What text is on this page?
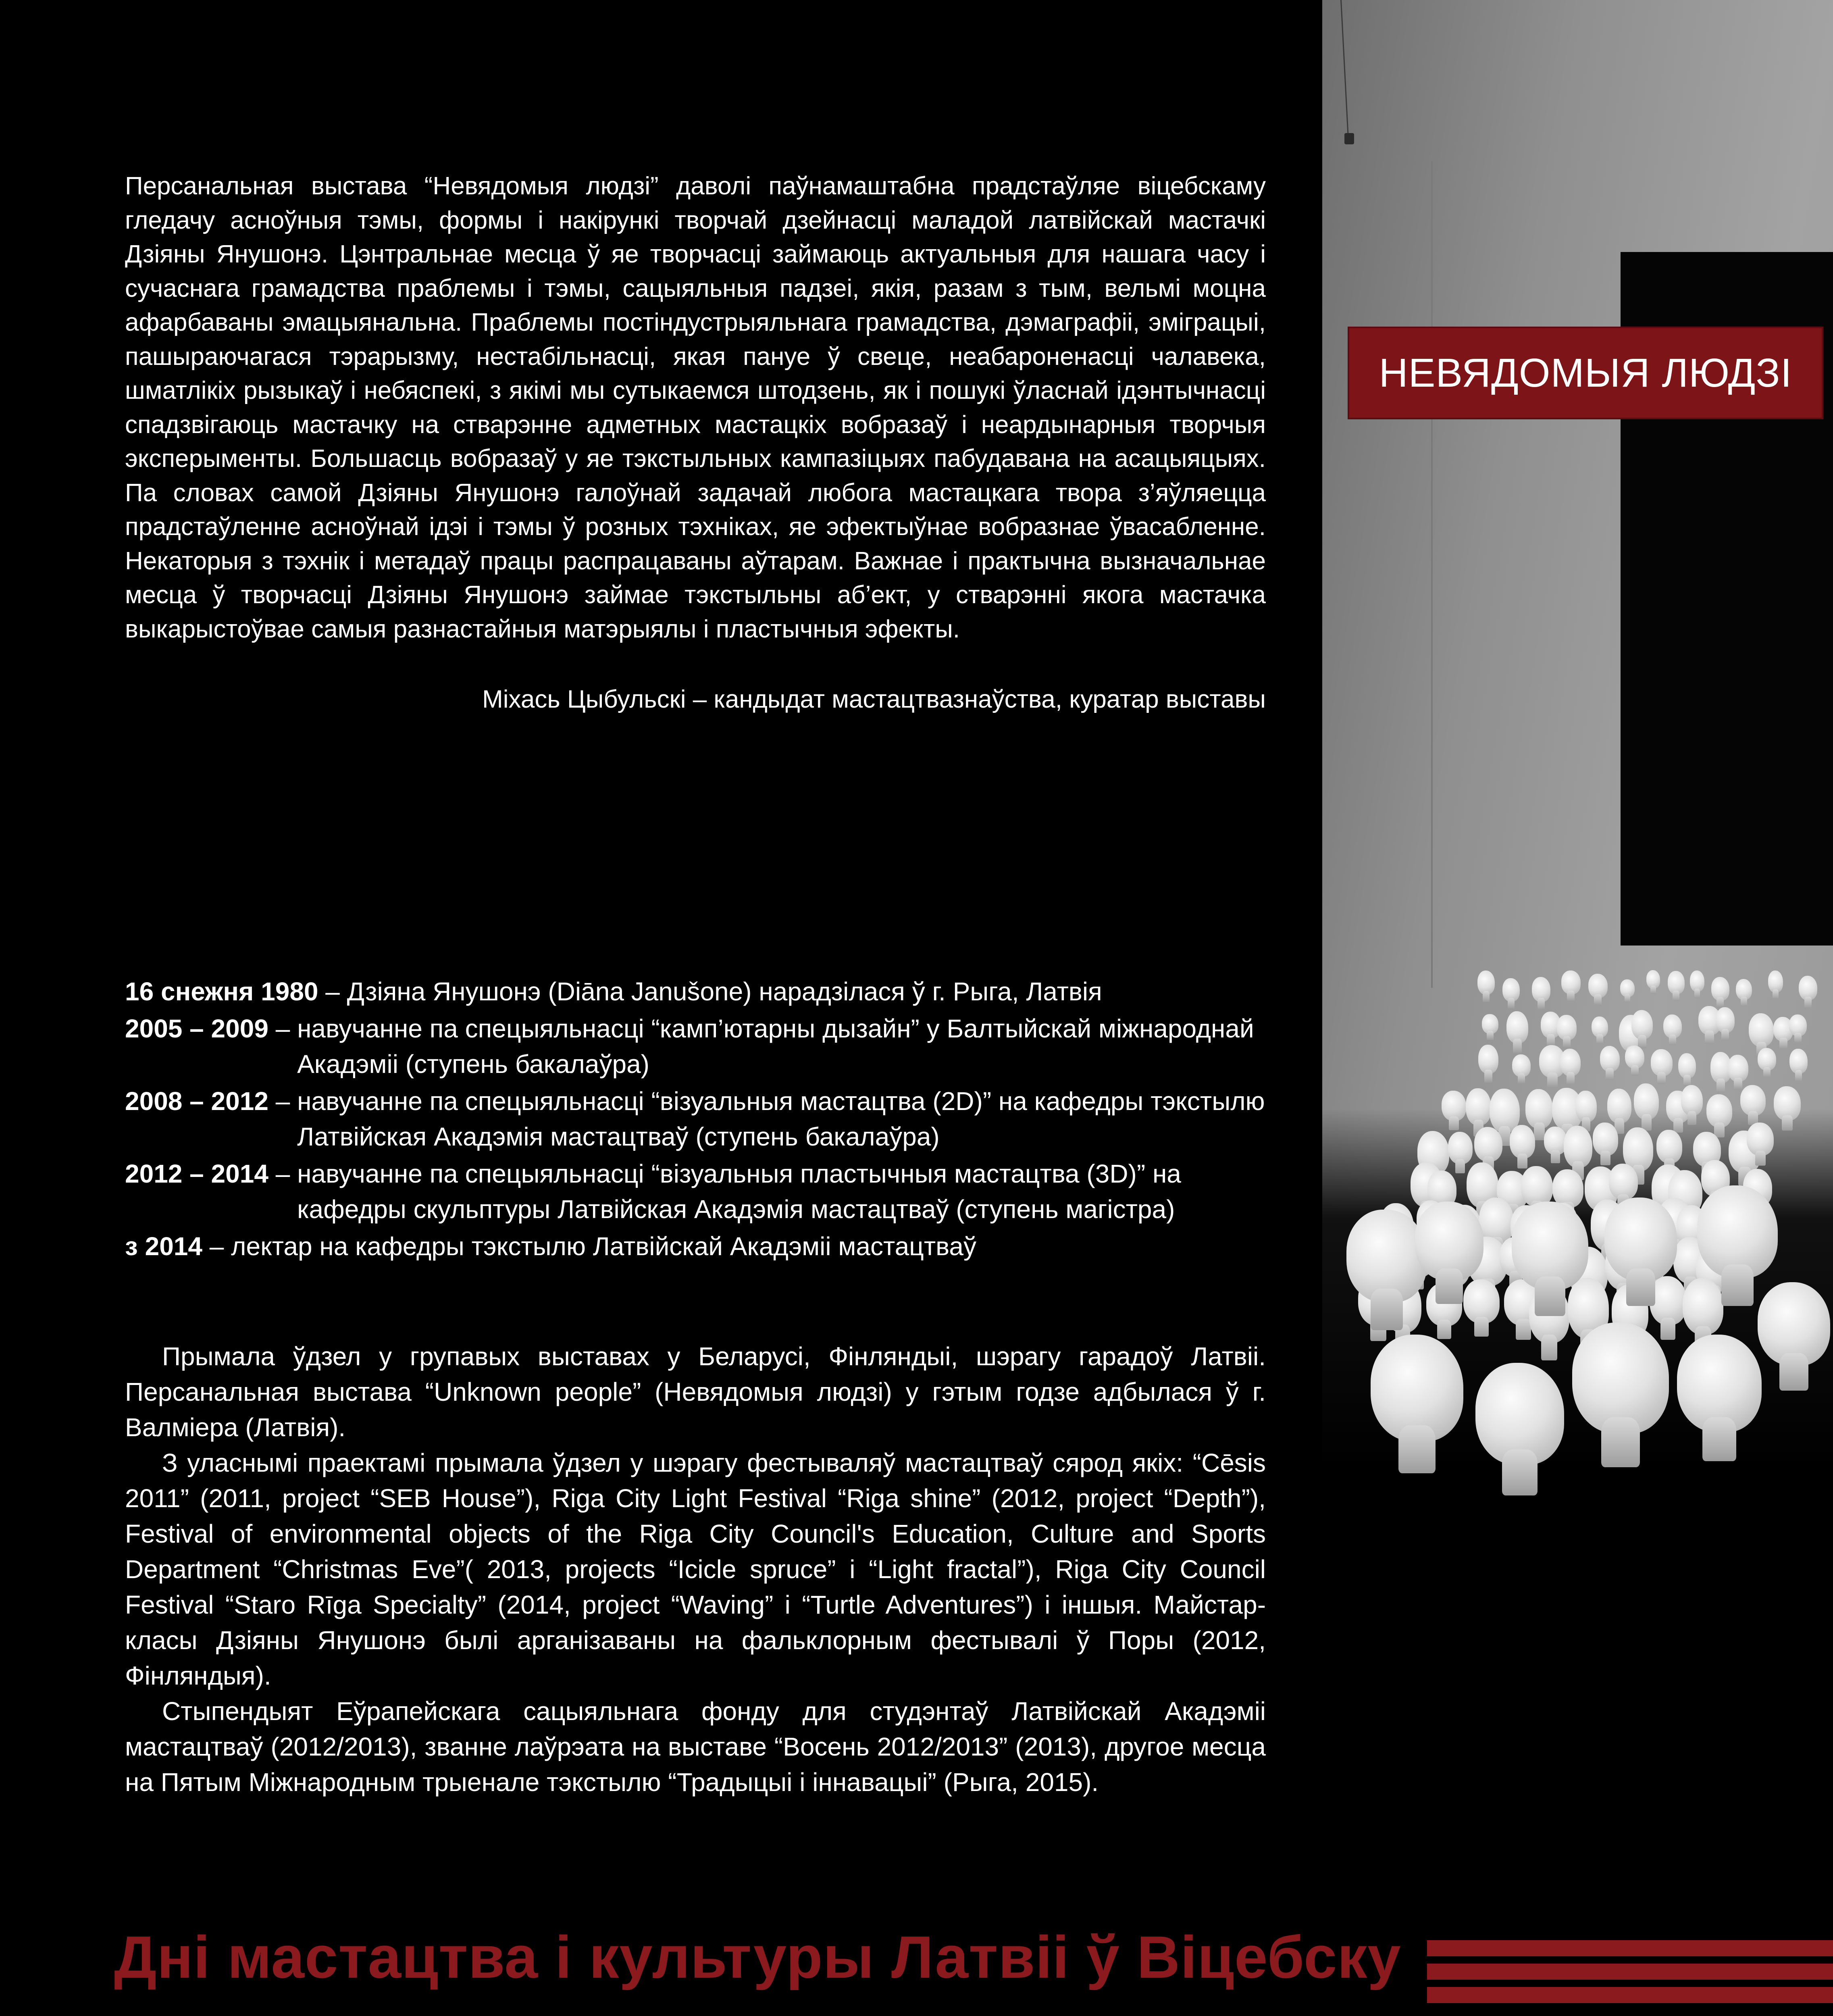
НЕВЯДОМЫЯ ЛЮДЗІ

Персанальная выстава “Невядомыя людзі” даволі паўнамаштабна прадстаўляе віцебскаму гледачу асноўныя тэмы, формы і накірункі творчай дзейнасці маладой латвійскай мастачкі Дзіяны Янушонэ. Цэнтральнае месца ў яе творчасці займаюць актуальныя для нашага часу і сучаснага грамадства праблемы і тэмы, сацыяльныя падзеі, якія, разам з тым, вельмі моцна афарбаваны эмацыянальна. Праблемы постіндустрыяльнага грамадства, дэмаграфіі, эміграцыі, пашыраючагася тэрарызму, нестабільнасці, якая пануе ў свеце, неабароненасці чалавека, шматлікіх рызыкаў і небяспекі, з якімі мы сутыкаемся штодзень, як і пошукі ўласнай ідэнтычнасці спадзвігаюць мастачку на стварэнне адметных мастацкіх вобразаў і неардынарныя творчыя эксперыменты. Большасць вобразаў у яе тэкстыльных кампазіцыях пабудавана на асацыяцыях. Па словах самой Дзіяны Янушонэ галоўнай задачай любога мастацкага твора з’яўляецца прадстаўленне асноўнай ідэі і тэмы ў розных тэхніках, яе эфектыўнае вобразнае ўвасабленне. Некаторыя з тэхнік і метадаў працы распрацаваны аўтарам. Важнае і практычна вызначальнае месца ў творчасці Дзіяны Янушонэ займае тэкстыльны аб’ект, у стварэнні якога мастачка выкарыстоўвае самыя разнастайныя матэрыялы і пластычныя эфекты.

Міхась Цыбульскі – кандыдат мастацтвазнаўства, куратар выставы

16 снежня 1980 – Дзіяна Янушонэ (Diāna Janušone) нарадзілася ў г. Рыга, Латвія
2005 – 2009 – навучанне па спецыяльнасці “камп’ютарны дызайн” у Балтыйскай міжнароднай Акадэміі (ступень бакалаўра)
2008 – 2012 – навучанне па спецыяльнасці “візуальныя мастацтва (2D)” на кафедры тэкстылю Латвійская Акадэмія мастацтваў (ступень бакалаўра)
2012 – 2014 – навучанне па спецыяльнасці “візуальныя пластычныя мастацтва (3D)” на кафедры скульптуры Латвійская Акадэмія мастацтваў (ступень магістра)
з 2014 – лектар на кафедры тэкстылю Латвійскай Акадэміі мастацтваў

Прымала ўдзел у групавых выставах у Беларусі, Фінляндыі, шэрагу гарадоў Латвіі. Персанальная выстава “Unknown people” (Невядомыя людзі) у гэтым годзе адбылася ў г. Валміера (Латвія).

З уласнымі праектамі прымала ўдзел у шэрагу фестываляў мастацтваў сярод якіх: “Cēsis 2011” (2011, project “SEB House”), Riga City Light Festival “Riga shine” (2012, project “Depth”), Festival of environmental objects of the Riga City Council's Education, Culture and Sports Department “Christmas Eve”( 2013, projects “Icicle spruce” і “Light fractal”), Riga City Council Festival “Staro Rīga Specialty” (2014, project “Waving” і “Turtle Adventures”) і іншыя. Майстар-класы Дзіяны Янушонэ былі арганізаваны на фальклорным фестывалі ў Поры (2012, Фінляндыя).

Стыпендыят Еўрапейскага сацыяльнага фонду для студэнтаў Латвійскай Акадэміі мастацтваў (2012/2013), званне лаўрэата на выставе “Восень 2012/2013” (2013), другое месца на Пятым Міжнародным трыенале тэкстылю “Традыцыі і іннавацыі” (Рыга, 2015).

Дні мастацтва і культуры Латвіі ў Віцебску
